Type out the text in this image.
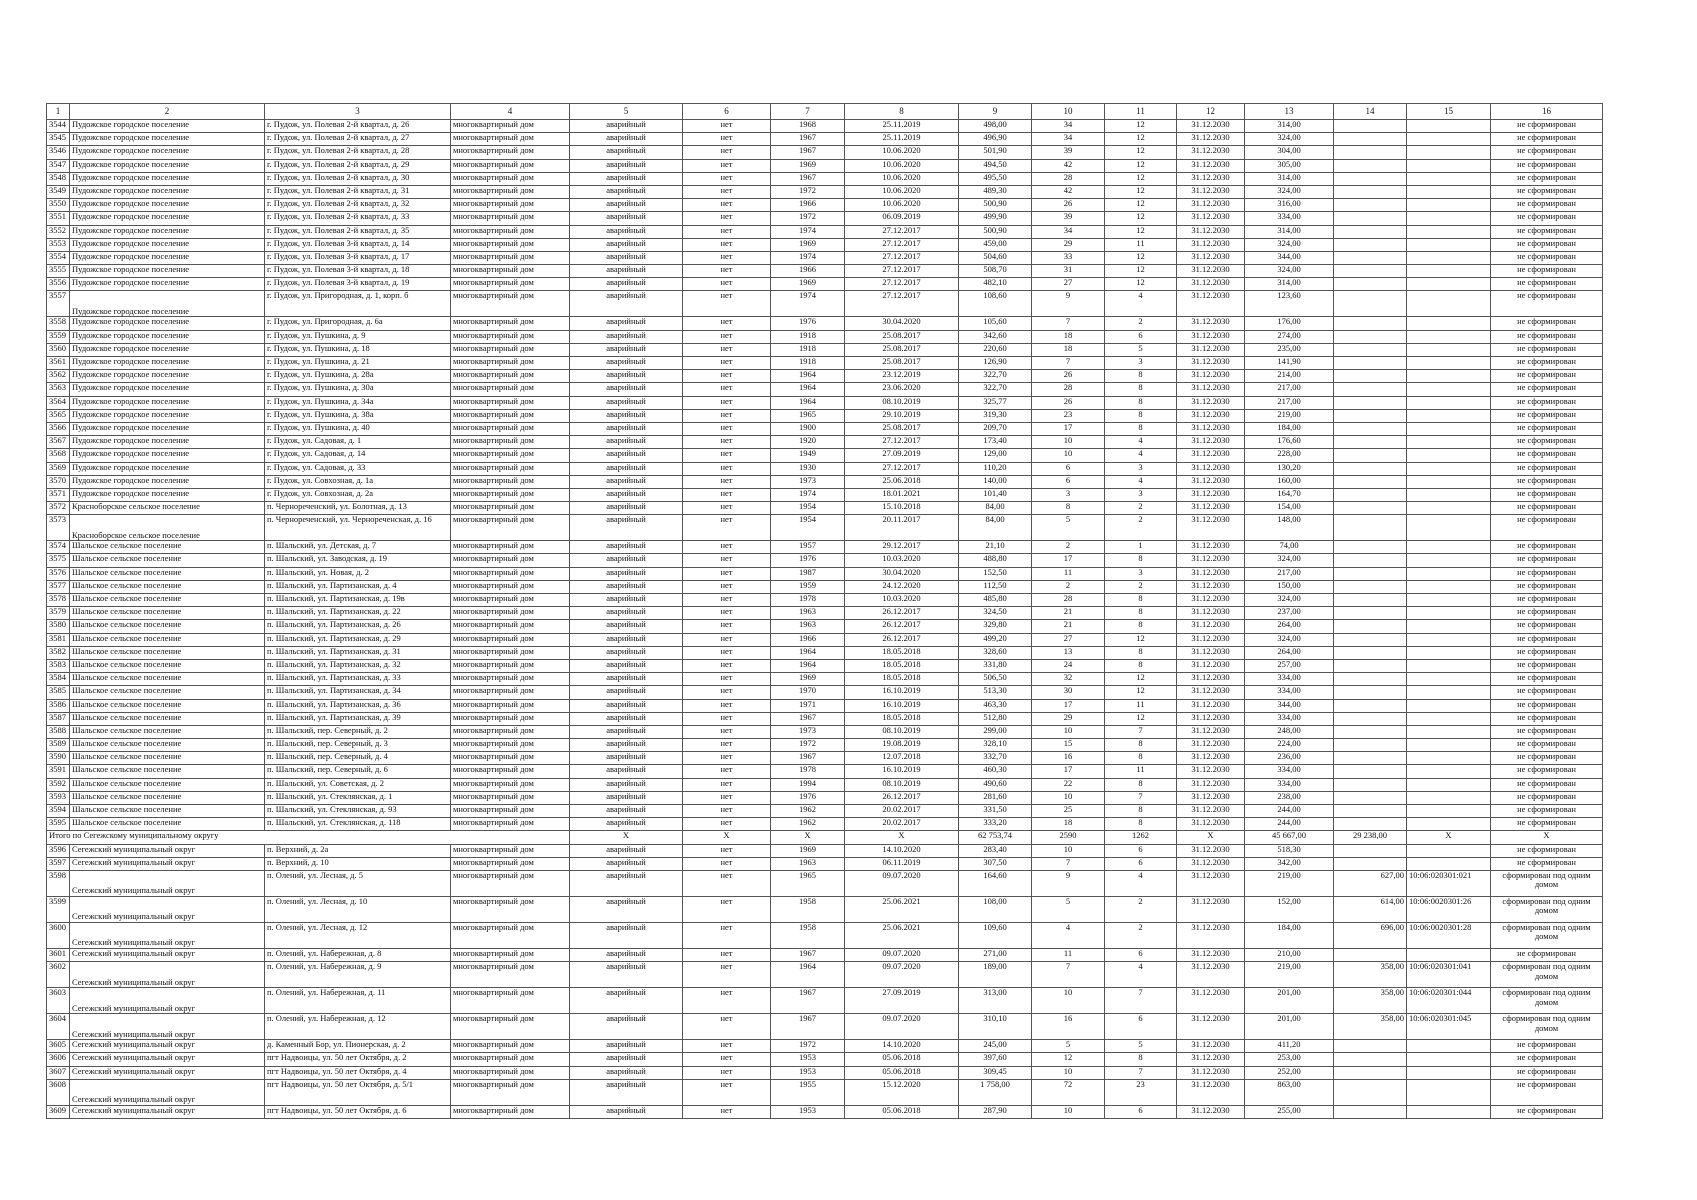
1	2	3	4	5	6	7	8	9	10	11	12	13	14	15	16
3544	Пудожское городское поселение	г. Пудож, ул. Полевая 2-й квартал, д. 26	многоквартирный дом	аварийный	нет	1968	25.11.2019	498,00	34	12	31.12.2030	314,00			не сформирован
3545	Пудожское городское поселение	г. Пудож, ул. Полевая 2-й квартал, д. 27	многоквартирный дом	аварийный	нет	1967	25.11.2019	496,90	34	12	31.12.2030	324,00			не сформирован
3546	Пудожское городское поселение	г. Пудож, ул. Полевая 2-й квартал, д. 28	многоквартирный дом	аварийный	нет	1967	10.06.2020	501,90	39	12	31.12.2030	304,00			не сформирован
3547	Пудожское городское поселение	г. Пудож, ул. Полевая 2-й квартал, д. 29	многоквартирный дом	аварийный	нет	1969	10.06.2020	494,50	42	12	31.12.2030	305,00			не сформирован
3548	Пудожское городское поселение	г. Пудож, ул. Полевая 2-й квартал, д. 30	многоквартирный дом	аварийный	нет	1967	10.06.2020	495,50	28	12	31.12.2030	314,00			не сформирован
3549	Пудожское городское поселение	г. Пудож, ул. Полевая 2-й квартал, д. 31	многоквартирный дом	аварийный	нет	1972	10.06.2020	489,30	42	12	31.12.2030	324,00			не сформирован
3550	Пудожское городское поселение	г. Пудож, ул. Полевая 2-й квартал, д. 32	многоквартирный дом	аварийный	нет	1966	10.06.2020	500,90	26	12	31.12.2030	316,00			не сформирован
3551	Пудожское городское поселение	г. Пудож, ул. Полевая 2-й квартал, д. 33	многоквартирный дом	аварийный	нет	1972	06.09.2019	499,90	39	12	31.12.2030	334,00			не сформирован
3552	Пудожское городское поселение	г. Пудож, ул. Полевая 2-й квартал, д. 35	многоквартирный дом	аварийный	нет	1974	27.12.2017	500,90	34	12	31.12.2030	314,00			не сформирован
3553	Пудожское городское поселение	г. Пудож, ул. Полевая 3-й квартал, д. 14	многоквартирный дом	аварийный	нет	1969	27.12.2017	459,00	29	11	31.12.2030	324,00			не сформирован
3554	Пудожское городское поселение	г. Пудож, ул. Полевая 3-й квартал, д. 17	многоквартирный дом	аварийный	нет	1974	27.12.2017	504,60	33	12	31.12.2030	344,00			не сформирован
3555	Пудожское городское поселение	г. Пудож, ул. Полевая 3-й квартал, д. 18	многоквартирный дом	аварийный	нет	1966	27.12.2017	508,70	31	12	31.12.2030	324,00			не сформирован
3556	Пудожское городское поселение	г. Пудож, ул. Полевая 3-й квартал, д. 19	многоквартирный дом	аварийный	нет	1969	27.12.2017	482,10	27	12	31.12.2030	314,00			не сформирован
3557	Пудожское городское поселение	г. Пудож, ул. Пригородная, д. 1, корп. б	многоквартирный дом	аварийный	нет	1974	27.12.2017	108,60	9	4	31.12.2030	123,60			не сформирован
3558	Пудожское городское поселение	г. Пудож, ул. Пригородная, д. 6а	многоквартирный дом	аварийный	нет	1976	30.04.2020	105,60	7	2	31.12.2030	176,00			не сформирован
3559	Пудожское городское поселение	г. Пудож, ул. Пушкина, д. 9	многоквартирный дом	аварийный	нет	1918	25.08.2017	342,60	18	6	31.12.2030	274,00			не сформирован
3560	Пудожское городское поселение	г. Пудож, ул. Пушкина, д. 18	многоквартирный дом	аварийный	нет	1918	25.08.2017	220,60	18	5	31.12.2030	235,00			не сформирован
3561	Пудожское городское поселение	г. Пудож, ул. Пушкина, д. 21	многоквартирный дом	аварийный	нет	1918	25.08.2017	126,90	7	3	31.12.2030	141,90			не сформирован
3562	Пудожское городское поселение	г. Пудож, ул. Пушкина, д. 28а	многоквартирный дом	аварийный	нет	1964	23.12.2019	322,70	26	8	31.12.2030	214,00			не сформирован
3563	Пудожское городское поселение	г. Пудож, ул. Пушкина, д. 30а	многоквартирный дом	аварийный	нет	1964	23.06.2020	322,70	28	8	31.12.2030	217,00			не сформирован
3564	Пудожское городское поселение	г. Пудож, ул. Пушкина, д. 34а	многоквартирный дом	аварийный	нет	1964	08.10.2019	325,77	26	8	31.12.2030	217,00			не сформирован
3565	Пудожское городское поселение	г. Пудож, ул. Пушкина, д. 38а	многоквартирный дом	аварийный	нет	1965	29.10.2019	319,30	23	8	31.12.2030	219,00			не сформирован
3566	Пудожское городское поселение	г. Пудож, ул. Пушкина, д. 40	многоквартирный дом	аварийный	нет	1900	25.08.2017	209,70	17	8	31.12.2030	184,00			не сформирован
3567	Пудожское городское поселение	г. Пудож, ул. Садовая, д. 1	многоквартирный дом	аварийный	нет	1920	27.12.2017	173,40	10	4	31.12.2030	176,60			не сформирован
3568	Пудожское городское поселение	г. Пудож, ул. Садовая, д. 14	многоквартирный дом	аварийный	нет	1949	27.09.2019	129,00	10	4	31.12.2030	228,00			не сформирован
3569	Пудожское городское поселение	г. Пудож, ул. Садовая, д. 33	многоквартирный дом	аварийный	нет	1930	27.12.2017	110,20	6	3	31.12.2030	130,20			не сформирован
3570	Пудожское городское поселение	г. Пудож, ул. Совхозная, д. 1а	многоквартирный дом	аварийный	нет	1973	25.06.2018	140,00	6	4	31.12.2030	160,00			не сформирован
3571	Пудожское городское поселение	г. Пудож, ул. Совхозная, д. 2а	многоквартирный дом	аварийный	нет	1974	18.01.2021	101,40	3	3	31.12.2030	164,70			не сформирован
3572	Красноборское сельское поселение	п. Чернореченский, ул. Болотная, д. 13	многоквартирный дом	аварийный	нет	1954	15.10.2018	84,00	8	2	31.12.2030	154,00			не сформирован
3573	Красноборское сельское поселение	п. Чернореченский, ул. Чернореченская, д. 16	многоквартирный дом	аварийный	нет	1954	20.11.2017	84,00	5	2	31.12.2030	148,00			не сформирован
3574	Шальское сельское поселение	п. Шальский, ул. Детская, д. 7	многоквартирный дом	аварийный	нет	1957	29.12.2017	21,10	2	1	31.12.2030	74,00			не сформирован
3575	Шальское сельское поселение	п. Шальский, ул. Заводская, д. 19	многоквартирный дом	аварийный	нет	1976	10.03.2020	488,80	17	8	31.12.2030	324,00			не сформирован
3576	Шальское сельское поселение	п. Шальский, ул. Новая, д. 2	многоквартирный дом	аварийный	нет	1987	30.04.2020	152,50	11	3	31.12.2030	217,00			не сформирован
3577	Шальское сельское поселение	п. Шальский, ул. Партизанская, д. 4	многоквартирный дом	аварийный	нет	1959	24.12.2020	112,50	2	2	31.12.2030	150,00			не сформирован
3578	Шальское сельское поселение	п. Шальский, ул. Партизанская, д. 19в	многоквартирный дом	аварийный	нет	1978	10.03.2020	485,80	28	8	31.12.2030	324,00			не сформирован
3579	Шальское сельское поселение	п. Шальский, ул. Партизанская, д. 22	многоквартирный дом	аварийный	нет	1963	26.12.2017	324,50	21	8	31.12.2030	237,00			не сформирован
3580	Шальское сельское поселение	п. Шальский, ул. Партизанская, д. 26	многоквартирный дом	аварийный	нет	1963	26.12.2017	329,80	21	8	31.12.2030	264,00			не сформирован
3581	Шальское сельское поселение	п. Шальский, ул. Партизанская, д. 29	многоквартирный дом	аварийный	нет	1966	26.12.2017	499,20	27	12	31.12.2030	324,00			не сформирован
3582	Шальское сельское поселение	п. Шальский, ул. Партизанская, д. 31	многоквартирный дом	аварийный	нет	1964	18.05.2018	328,60	13	8	31.12.2030	264,00			не сформирован
3583	Шальское сельское поселение	п. Шальский, ул. Партизанская, д. 32	многоквартирный дом	аварийный	нет	1964	18.05.2018	331,80	24	8	31.12.2030	257,00			не сформирован
3584	Шальское сельское поселение	п. Шальский, ул. Партизанская, д. 33	многоквартирный дом	аварийный	нет	1969	18.05.2018	506,50	32	12	31.12.2030	334,00			не сформирован
3585	Шальское сельское поселение	п. Шальский, ул. Партизанская, д. 34	многоквартирный дом	аварийный	нет	1970	16.10.2019	513,30	30	12	31.12.2030	334,00			не сформирован
3586	Шальское сельское поселение	п. Шальский, ул. Партизанская, д. 36	многоквартирный дом	аварийный	нет	1971	16.10.2019	463,30	17	11	31.12.2030	344,00			не сформирован
3587	Шальское сельское поселение	п. Шальский, ул. Партизанская, д. 39	многоквартирный дом	аварийный	нет	1967	18.05.2018	512,80	29	12	31.12.2030	334,00			не сформирован
3588	Шальское сельское поселение	п. Шальский, пер. Северный, д. 2	многоквартирный дом	аварийный	нет	1973	08.10.2019	299,00	10	7	31.12.2030	248,00			не сформирован
3589	Шальское сельское поселение	п. Шальский, пер. Северный, д. 3	многоквартирный дом	аварийный	нет	1972	19.08.2019	328,10	15	8	31.12.2030	224,00			не сформирован
3590	Шальское сельское поселение	п. Шальский, пер. Северный, д. 4	многоквартирный дом	аварийный	нет	1967	12.07.2018	332,70	16	8	31.12.2030	236,00			не сформирован
3591	Шальское сельское поселение	п. Шальский, пер. Северный, д. 6	многоквартирный дом	аварийный	нет	1978	16.10.2019	460,30	17	11	31.12.2030	334,00			не сформирован
3592	Шальское сельское поселение	п. Шальский, ул. Советская, д. 2	многоквартирный дом	аварийный	нет	1994	08.10.2019	490,60	22	8	31.12.2030	334,00			не сформирован
3593	Шальское сельское поселение	п. Шальский, ул. Стеклянская, д. 1	многоквартирный дом	аварийный	нет	1976	26.12.2017	281,60	10	7	31.12.2030	238,00			не сформирован
3594	Шальское сельское поселение	п. Шальский, ул. Стеклянская, д. 93	многоквартирный дом	аварийный	нет	1962	20.02.2017	331,50	25	8	31.12.2030	244,00			не сформирован
3595	Шальское сельское поселение	п. Шальский, ул. Стеклянская, д. 118	многоквартирный дом	аварийный	нет	1962	20.02.2017	333,20	18	8	31.12.2030	244,00			не сформирован
Итого по Сегежскому муниципальному округу				X	X	X	X	62 753,74	2590	1262	X	45 667,00	29 238,00	X	X
3596	Сегежский муниципальный округ	п. Верхний, д. 2а	многоквартирный дом	аварийный	нет	1969	14.10.2020	283,40	10	6	31.12.2030	518,30			не сформирован
3597	Сегежский муниципальный округ	п. Верхний, д. 10	многоквартирный дом	аварийный	нет	1963	06.11.2019	307,50	7	6	31.12.2030	342,00			не сформирован
3598	Сегежский муниципальный округ	п. Олений, ул. Лесная, д. 5	многоквартирный дом	аварийный	нет	1965	09.07.2020	164,60	9	4	31.12.2030	219,00	627,00	10:06:020301:021	сформирован под одним домом
3599	Сегежский муниципальный округ	п. Олений, ул. Лесная, д. 10	многоквартирный дом	аварийный	нет	1958	25.06.2021	108,00	5	2	31.12.2030	152,00	614,00	10:06:0020301:26	сформирован под одним домом
3600	Сегежский муниципальный округ	п. Олений, ул. Лесная, д. 12	многоквартирный дом	аварийный	нет	1958	25.06.2021	109,60	4	2	31.12.2030	184,00	696,00	10:06:0020301:28	сформирован под одним домом
3601	Сегежский муниципальный округ	п. Олений, ул. Набережная, д. 8	многоквартирный дом	аварийный	нет	1967	09.07.2020	271,00	11	6	31.12.2030	210,00			не сформирован
3602	Сегежский муниципальный округ	п. Олений, ул. Набережная, д. 9	многоквартирный дом	аварийный	нет	1964	09.07.2020	189,00	7	4	31.12.2030	219,00	358,00	10:06:020301:041	сформирован под одним домом
3603	Сегежский муниципальный округ	п. Олений, ул. Набережная, д. 11	многоквартирный дом	аварийный	нет	1967	27.09.2019	313,00	10	7	31.12.2030	201,00	358,00	10:06:020301:044	сформирован под одним домом
3604	Сегежский муниципальный округ	п. Олений, ул. Набережная, д. 12	многоквартирный дом	аварийный	нет	1967	09.07.2020	310,10	16	6	31.12.2030	201,00	358,00	10:06:020301:045	сформирован под одним домом
3605	Сегежский муниципальный округ	д. Каменный Бор, ул. Пионерская, д. 2	многоквартирный дом	аварийный	нет	1972	14.10.2020	245,00	5	5	31.12.2030	411,20			не сформирован
3606	Сегежский муниципальный округ	пгт Надвоицы, ул. 50 лет Октября, д. 2	многоквартирный дом	аварийный	нет	1953	05.06.2018	397,60	12	8	31.12.2030	253,00			не сформирован
3607	Сегежский муниципальный округ	пгт Надвоицы, ул. 50 лет Октября, д. 4	многоквартирный дом	аварийный	нет	1953	05.06.2018	309,45	10	7	31.12.2030	252,00			не сформирован
3608	Сегежский муниципальный округ	пгт Надвоицы, ул. 50 лет Октября, д. 5/1	многоквартирный дом	аварийный	нет	1955	15.12.2020	1 758,00	72	23	31.12.2030	863,00			не сформирован
3609	Сегежский муниципальный округ	пгт Надвоицы, ул. 50 лет Октября, д. 6	многоквартирный дом	аварийный	нет	1953	05.06.2018	287,90	10	6	31.12.2030	255,00			не сформирован
